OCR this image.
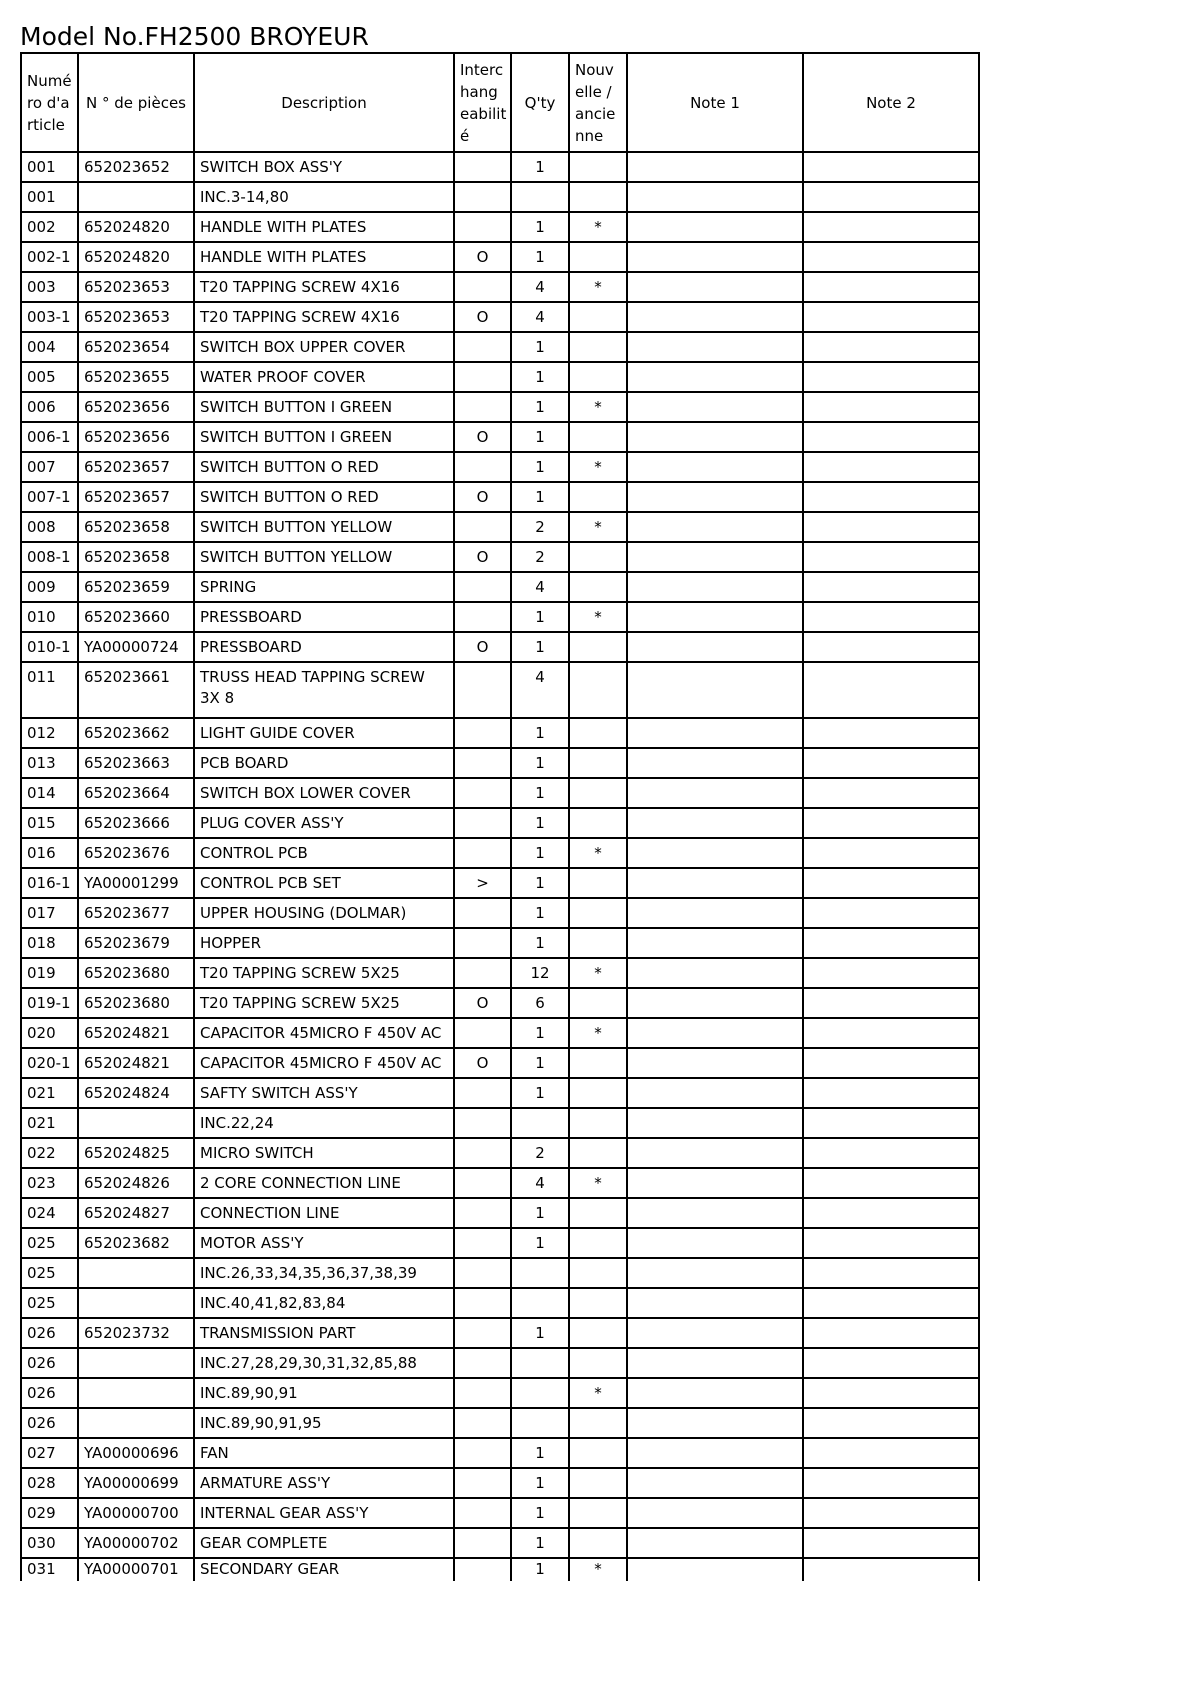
Model No.FH2500 BROYEUR
Numé ro d'a rticle	N ° de pièces	Description	Interc hang eabilit é	Q'ty	Nouv elle / ancie nne	Note 1	Note 2
001	652023652	SWITCH BOX ASS'Y		1			
001		INC.3-14,80					
002	652024820	HANDLE WITH PLATES		1	*		
002-1	652024820	HANDLE WITH PLATES	O	1			
003	652023653	T20 TAPPING SCREW 4X16		4	*		
003-1	652023653	T20 TAPPING SCREW 4X16	O	4			
004	652023654	SWITCH BOX UPPER COVER		1			
005	652023655	WATER PROOF COVER		1			
006	652023656	SWITCH BUTTON I GREEN		1	*		
006-1	652023656	SWITCH BUTTON I GREEN	O	1			
007	652023657	SWITCH BUTTON O RED		1	*		
007-1	652023657	SWITCH BUTTON O RED	O	1			
008	652023658	SWITCH BUTTON YELLOW		2	*		
008-1	652023658	SWITCH BUTTON YELLOW	O	2			
009	652023659	SPRING		4			
010	652023660	PRESSBOARD		1	*		
010-1	YA00000724	PRESSBOARD	O	1			
011	652023661	TRUSS HEAD TAPPING SCREW 3X 8		4			
012	652023662	LIGHT GUIDE COVER		1			
013	652023663	PCB BOARD		1			
014	652023664	SWITCH BOX LOWER COVER		1			
015	652023666	PLUG COVER ASS'Y		1			
016	652023676	CONTROL PCB		1	*		
016-1	YA00001299	CONTROL PCB SET	>	1			
017	652023677	UPPER HOUSING (DOLMAR)		1			
018	652023679	HOPPER		1			
019	652023680	T20 TAPPING SCREW 5X25		12	*		
019-1	652023680	T20 TAPPING SCREW 5X25	O	6			
020	652024821	CAPACITOR 45MICRO F 450V AC		1	*		
020-1	652024821	CAPACITOR 45MICRO F 450V AC	O	1			
021	652024824	SAFTY SWITCH ASS'Y		1			
021		INC.22,24					
022	652024825	MICRO SWITCH		2			
023	652024826	2 CORE CONNECTION LINE		4	*		
024	652024827	CONNECTION LINE		1			
025	652023682	MOTOR ASS'Y		1			
025		INC.26,33,34,35,36,37,38,39					
025		INC.40,41,82,83,84					
026	652023732	TRANSMISSION PART		1			
026		INC.27,28,29,30,31,32,85,88					
026		INC.89,90,91			*		
026		INC.89,90,91,95					
027	YA00000696	FAN		1			
028	YA00000699	ARMATURE ASS'Y		1			
029	YA00000700	INTERNAL GEAR ASS'Y		1			
030	YA00000702	GEAR COMPLETE		1			
031	YA00000701	SECONDARY GEAR		1	*		
